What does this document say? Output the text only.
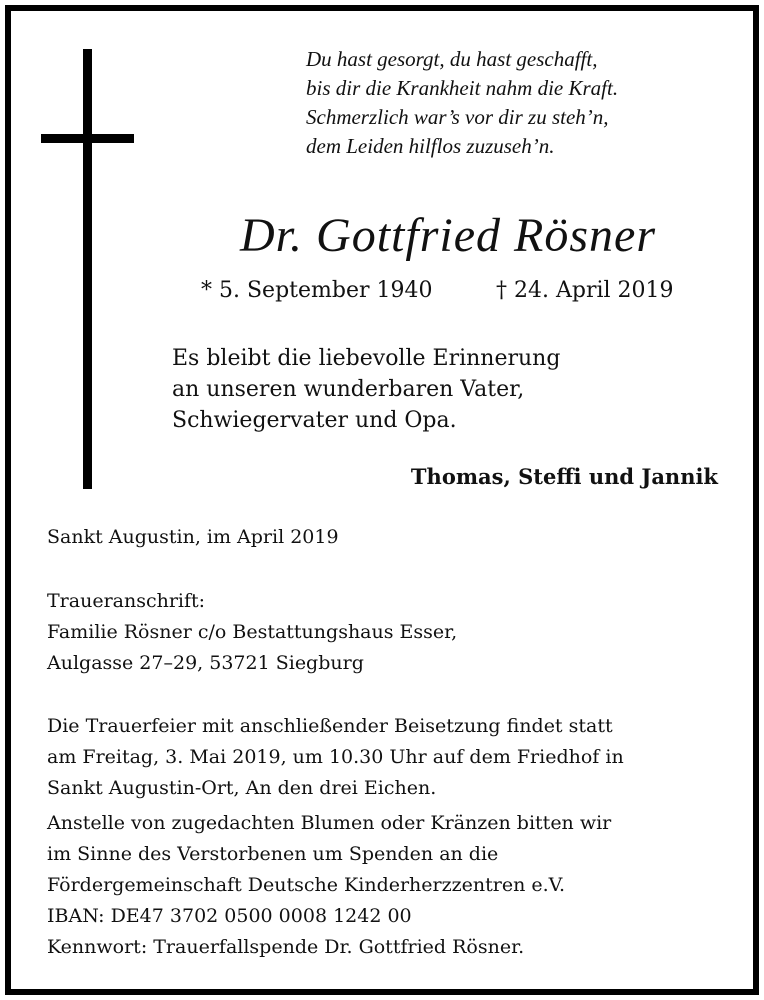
Du hast gesorgt, du hast geschafft,
bis dir die Krankheit nahm die Kraft.
Schmerzlich war’s vor dir zu steh’n,
dem Leiden hilflos zuzuseh’n.
Dr. Gottfried Rösner
* 5. September 1940	† 24. April 2019
Es bleibt die liebevolle Erinnerung
an unseren wunderbaren Vater,
Schwiegervater und Opa.
Thomas, Steffi und Jannik
Sankt Augustin, im April 2019
Traueranschrift:
Familie Rösner c/o Bestattungshaus Esser,
Aulgasse 27–29, 53721 Siegburg
Die Trauerfeier mit anschließender Beisetzung findet statt
am Freitag, 3. Mai 2019, um 10.30 Uhr auf dem Friedhof in
Sankt Augustin-Ort, An den drei Eichen.
Anstelle von zugedachten Blumen oder Kränzen bitten wir
im Sinne des Verstorbenen um Spenden an die
Fördergemeinschaft Deutsche Kinderherzzentren e.V.
IBAN: DE47 3702 0500 0008 1242 00
Kennwort: Trauerfallspende Dr. Gottfried Rösner.
